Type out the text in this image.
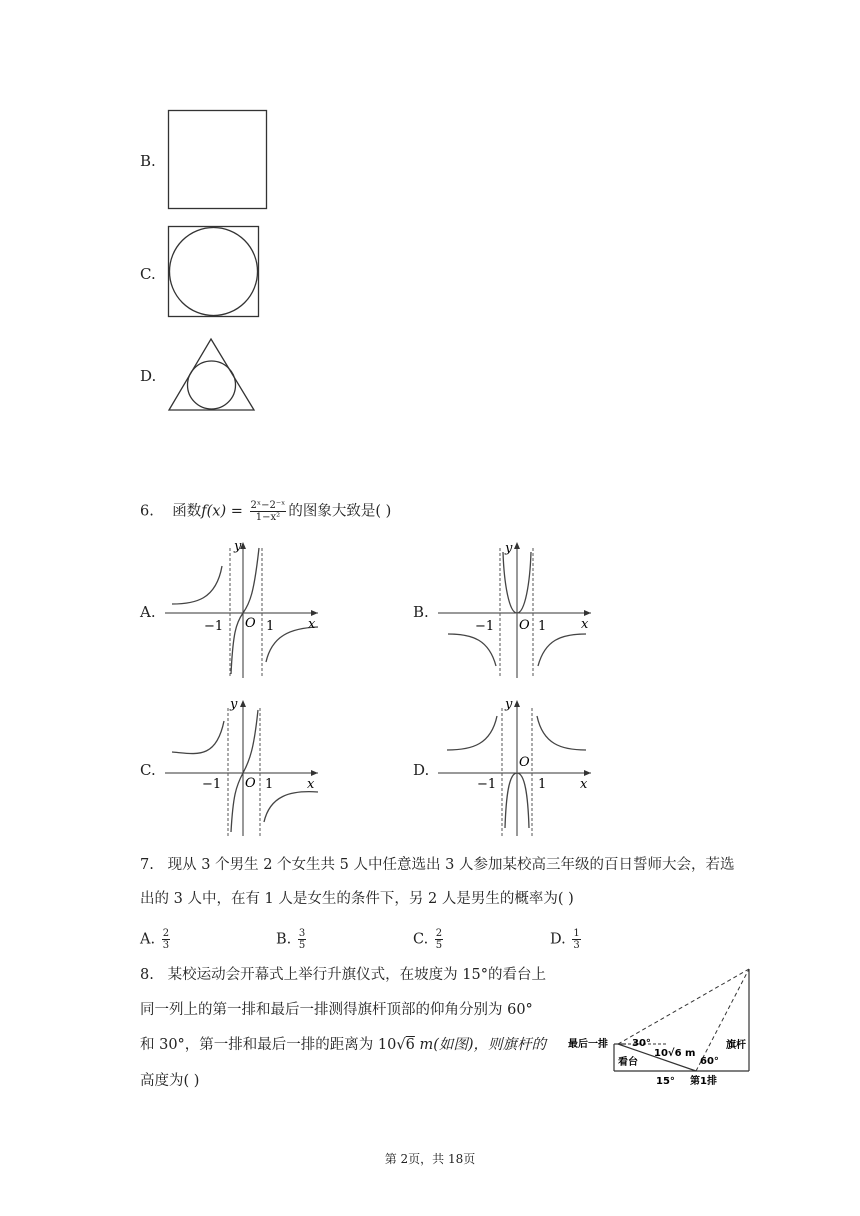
B.
C.
D.
6. 函数$f(x) = \frac{\text{2ˣ−2⁻ˣ}}{\text{1−x²}}$ 的图象大致是( )
A.	B.
C.	D.
y
x
O
−1	1
y
x
O
−1	1
y
x
O
−1	1
y
x
O
−1	1
7. 现从 3 个男生 2 个女生共 5 人中任意选出 3 人参加某校高三年级的百日誓师大会，若选
出的 3 人中，在有 1 人是女生的条件下，另 2 人是男生的概率为( )
A. $\frac{2}{3}$	B. $\frac{3}{5}$	C. $\frac{2}{5}$	D. $\frac{1}{3}$
8. 某校运动会开幕式上举行升旗仪式，在坡度为 15°的看台上
同一列上的第一排和最后一排测得旗杆顶部的仰角分别为 60°
和 30°，第一排和最后一排的距离为 10√6 m(如图)，则旗杆的
高度为( )
最后一排 30°
10√6 m
看台	60°
旗杆
15° 第1排
第 2页，共 18页
